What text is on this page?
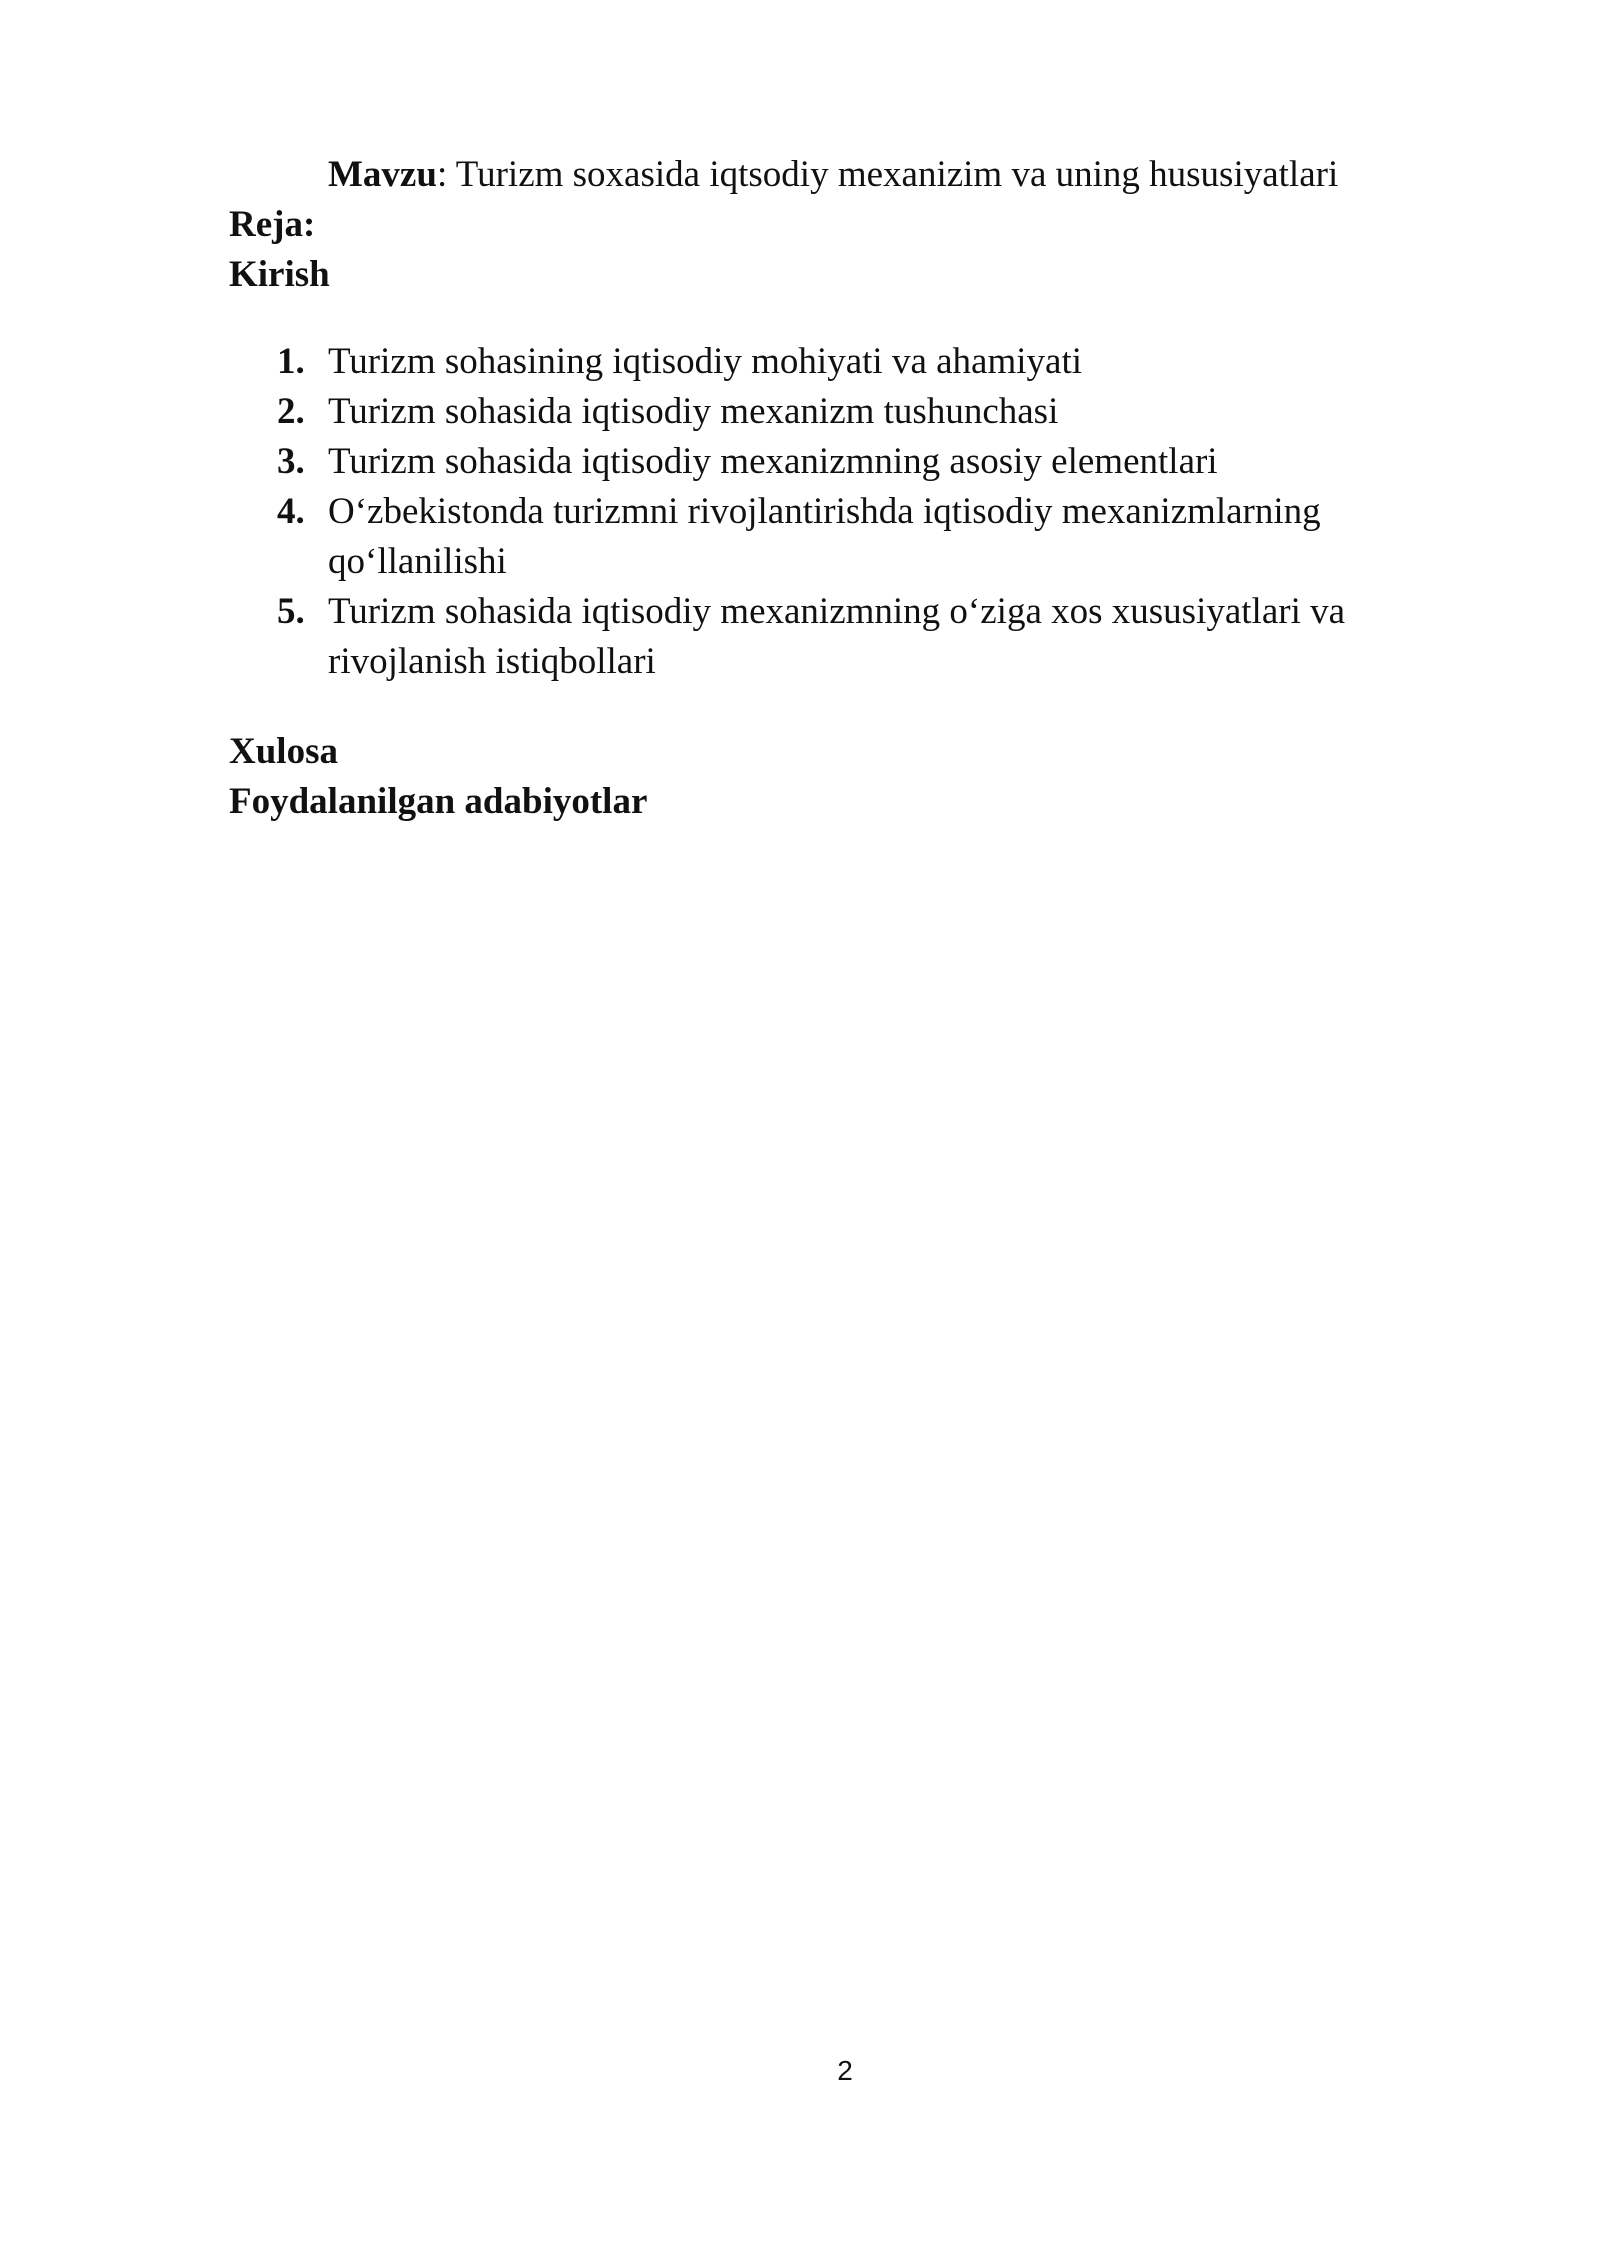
Mavzu: Turizm soxasida iqtsodiy mexanizim va uning hususiyatlari
Reja:
Kirish
1. Turizm sohasining iqtisodiy mohiyati va ahamiyati
2. Turizm sohasida iqtisodiy mexanizm tushunchasi
3. Turizm sohasida iqtisodiy mexanizmning asosiy elementlari
4. O‘zbekistonda turizmni rivojlantirishda iqtisodiy mexanizmlarning qo‘llanilishi
5. Turizm sohasida iqtisodiy mexanizmning o‘ziga xos xususiyatlari va rivojlanish istiqbollari
Xulosa
Foydalanilgan adabiyotlar
2
